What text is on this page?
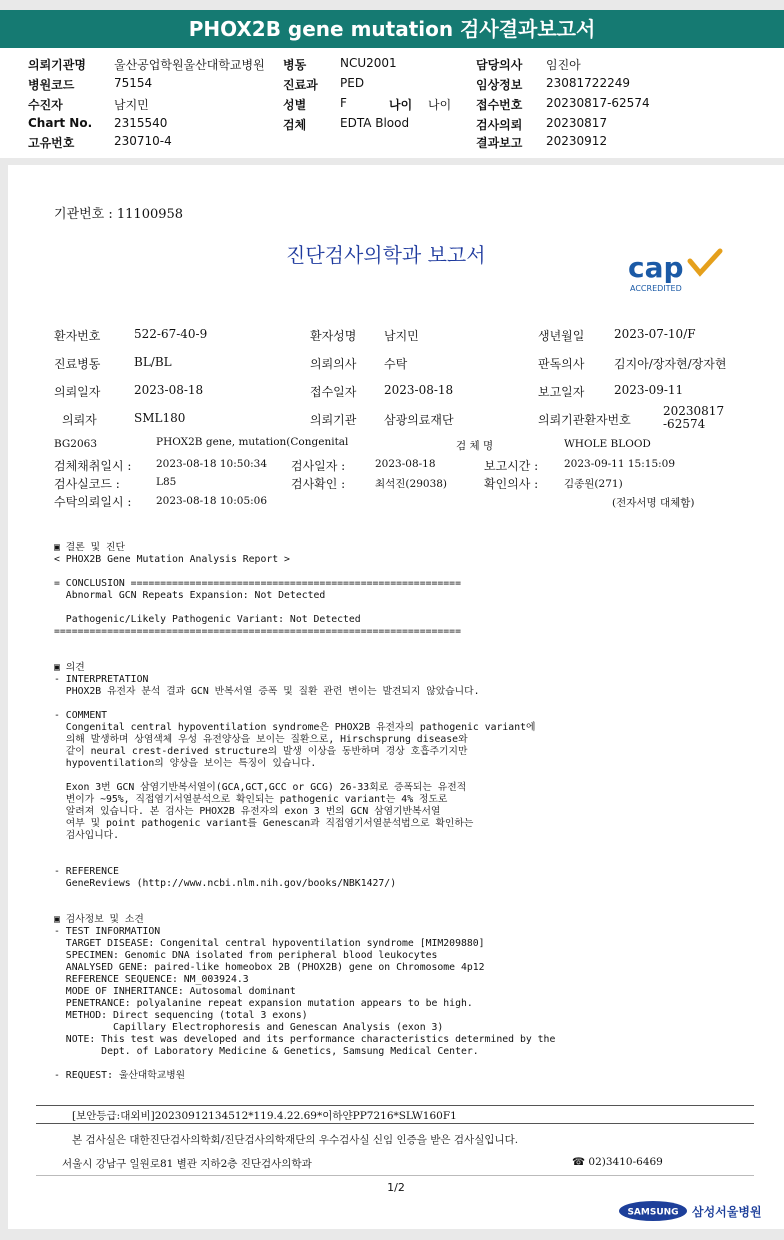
PHOX2B gene mutation 검사결과보고서
의뢰기관명 울산공업학원울산대학교병원 병동	NCU2001	담당의사 임진아
병원코드	75154	진료과 PED	임상정보 23081722249
수진자	남지민	성별	F	나이 나이 접수번호 20230817-62574
Chart No. 2315540	검체	EDTA Blood	검사의뢰 20230817
고유번호	230710-4	결과보고 20230912
기관번호 : 11100958
진단검사의학과 보고서	cap
ACCREDITED
환자번호	522-67-40-9	환자성명 남지민	생년월일 2023-07-10/F
진료병동	BL/BL	의뢰의사 수탁	판독의사 김지아/장자현/장자현
의뢰일자	2023-08-18	접수일자 2023-08-18	보고일자 2023-09-11
의뢰자	SML180	의뢰기관 삼광의료재단	의뢰기관환자번호
20230817-62574
BG2063	PHOX2B gene, mutation(Congenital	검 체 명	WHOLE BLOOD
검체채취일시 : 2023-08-18 10:50:34 검사일자 :	2023-08-18	보고시간 : 2023-09-11 15:15:09
검사실코드 :	L85	검사확인 :	최석진(29038)	확인의사 : 김종원(271)
수탁의뢰일시 : 2023-08-18 10:05:06	(전자서명 대체함)
▣ 결론 및 진단
< PHOX2B Gene Mutation Analysis Report >

= CONCLUSION ========================================================
Abnormal GCN Repeats Expansion: Not Detected

Pathogenic/Likely Pathogenic Variant: Not Detected
=====================================================================

▣ 의견
- INTERPRETATION
PHOX2B 유전자 분석 결과 GCN 반복서열 증폭 및 질환 관련 변이는 발견되지 않았습니다.

- COMMENT
Congenital central hypoventilation syndrome은 PHOX2B 유전자의 pathogenic variant에
의해 발생하며 상염색체 우성 유전양상을 보이는 질환으로, Hirschsprung disease와
같이 neural crest-derived structure의 발생 이상을 동반하며 경상 호흡주기지만
hypoventilation의 양상을 보이는 특징이 있습니다.

Exon 3번 GCN 삼염기반복서열이(GCA,GCT,GCC or GCG) 26-33회로 증폭되는 유전적
변이가 ~95%, 직접염기서열분석으로 확인되는 pathogenic variant는 4% 정도로
알려져 있습니다. 본 검사는 PHOX2B 유전자의 exon 3 번의 GCN 삼염기반복서열
여부 및 point pathogenic variant를 Genescan과 직접염기서열분석법으로 확인하는
검사입니다.

- REFERENCE
GeneReviews (http://www.ncbi.nlm.nih.gov/books/NBK1427/)

▣ 검사정보 및 소견
- TEST INFORMATION
TARGET DISEASE: Congenital central hypoventilation syndrome [MIM209880]
SPECIMEN: Genomic DNA isolated from peripheral blood leukocytes
ANALYSED GENE: paired-like homeobox 2B (PHOX2B) gene on Chromosome 4p12
REFERENCE SEQUENCE: NM_003924.3
MODE OF INHERITANCE: Autosomal dominant
PENETRANCE: polyalanine repeat expansion mutation appears to be high.
METHOD: Direct sequencing (total 3 exons)
Capillary Electrophoresis and Genescan Analysis (exon 3)
NOTE: This test was developed and its performance characteristics determined by the
Dept. of Laboratory Medicine & Genetics, Samsung Medical Center.

- REQUEST: 울산대학교병원
[보안등급:대외비]20230912134512*119.4.22.69*이하얀PP7216*SLW160F1
본 검사실은 대한진단검사의학회/진단검사의학재단의 우수검사실 신임 인증을 받은 검사실입니다.
서울시 강남구 일원로81 별관 지하2층 진단검사의학과	☎ 02)3410-6469
1/2
SAMSUNG 삼성서울병원
